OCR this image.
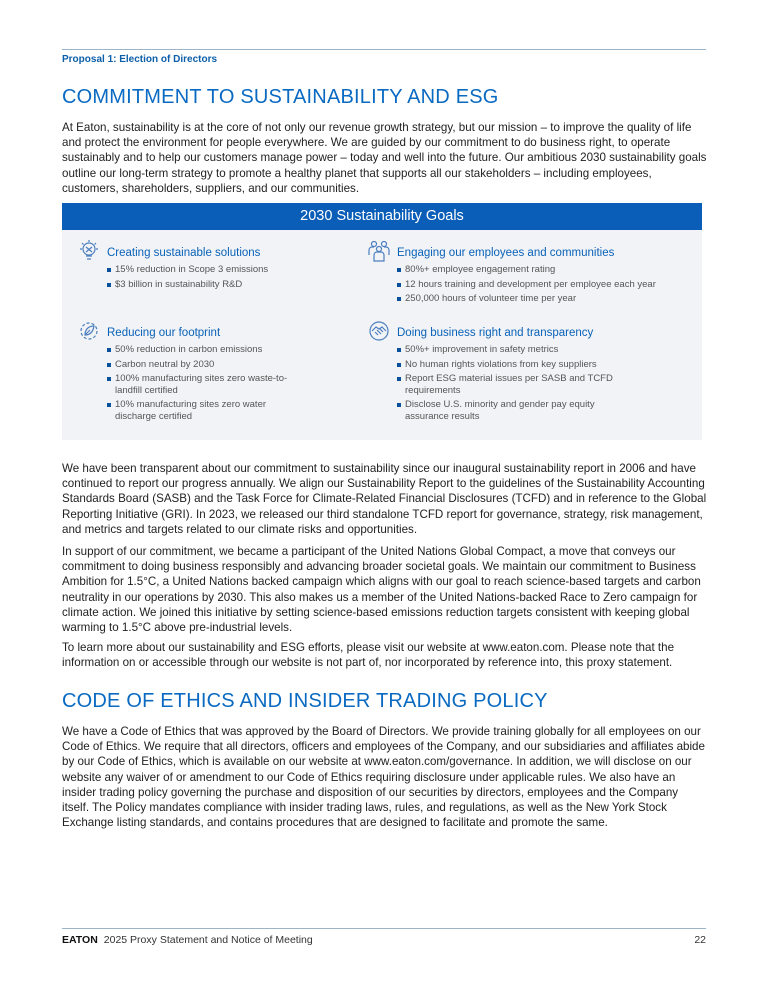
Proposal 1: Election of Directors
COMMITMENT TO SUSTAINABILITY AND ESG

At Eaton, sustainability is at the core of not only our revenue growth strategy, but our mission – to improve the quality of life and protect the environment for people everywhere. We are guided by our commitment to do business right, to operate sustainably and to help our customers manage power – today and well into the future. Our ambitious 2030 sustainability goals outline our long-term strategy to promote a healthy planet that supports all our stakeholders – including employees, customers, shareholders, suppliers, and our communities.

2030 Sustainability Goals
Creating sustainable solutions
15% reduction in Scope 3 emissions
$3 billion in sustainability R&D
Engaging our employees and communities
80%+ employee engagement rating
12 hours training and development per employee each year
250,000 hours of volunteer time per year
Reducing our footprint
50% reduction in carbon emissions
Carbon neutral by 2030
100% manufacturing sites zero waste-to-landfill certified
10% manufacturing sites zero water discharge certified
Doing business right and transparency
50%+ improvement in safety metrics
No human rights violations from key suppliers
Report ESG material issues per SASB and TCFD requirements
Disclose U.S. minority and gender pay equity assurance results

We have been transparent about our commitment to sustainability since our inaugural sustainability report in 2006 and have continued to report our progress annually. We align our Sustainability Report to the guidelines of the Sustainability Accounting Standards Board (SASB) and the Task Force for Climate-Related Financial Disclosures (TCFD) and in reference to the Global Reporting Initiative (GRI). In 2023, we released our third standalone TCFD report for governance, strategy, risk management, and metrics and targets related to our climate risks and opportunities.

In support of our commitment, we became a participant of the United Nations Global Compact, a move that conveys our commitment to doing business responsibly and advancing broader societal goals. We maintain our commitment to Business Ambition for 1.5°C, a United Nations backed campaign which aligns with our goal to reach science-based targets and carbon neutrality in our operations by 2030. This also makes us a member of the United Nations-backed Race to Zero campaign for climate action. We joined this initiative by setting science-based emissions reduction targets consistent with keeping global warming to 1.5°C above pre-industrial levels.

To learn more about our sustainability and ESG efforts, please visit our website at www.eaton.com. Please note that the information on or accessible through our website is not part of, nor incorporated by reference into, this proxy statement.

CODE OF ETHICS AND INSIDER TRADING POLICY

We have a Code of Ethics that was approved by the Board of Directors. We provide training globally for all employees on our Code of Ethics. We require that all directors, officers and employees of the Company, and our subsidiaries and affiliates abide by our Code of Ethics, which is available on our website at www.eaton.com/governance. In addition, we will disclose on our website any waiver of or amendment to our Code of Ethics requiring disclosure under applicable rules. We also have an insider trading policy governing the purchase and disposition of our securities by directors, employees and the Company itself. The Policy mandates compliance with insider trading laws, rules, and regulations, as well as the New York Stock Exchange listing standards, and contains procedures that are designed to facilitate and promote the same.

EATON 2025 Proxy Statement and Notice of Meeting	22
